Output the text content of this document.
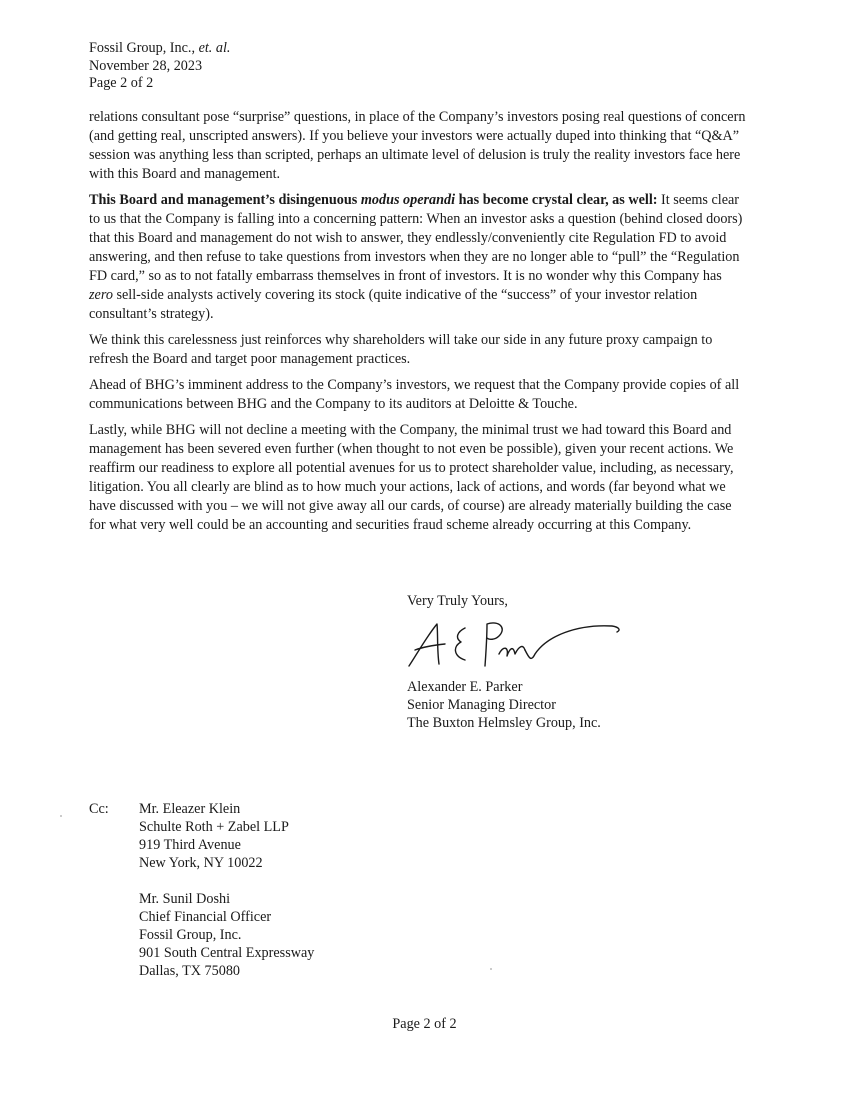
Fossil Group, Inc., et. al.
November 28, 2023
Page 2 of 2

relations consultant pose “surprise” questions, in place of the Company’s investors posing real questions of concern (and getting real, unscripted answers). If you believe your investors were actually duped into thinking that “Q&A” session was anything less than scripted, perhaps an ultimate level of delusion is truly the reality investors face here with this Board and management.

This Board and management’s disingenuous modus operandi has become crystal clear, as well: It seems clear to us that the Company is falling into a concerning pattern: When an investor asks a question (behind closed doors) that this Board and management do not wish to answer, they endlessly/conveniently cite Regulation FD to avoid answering, and then refuse to take questions from investors when they are no longer able to “pull” the “Regulation FD card,” so as to not fatally embarrass themselves in front of investors. It is no wonder why this Company has zero sell-side analysts actively covering its stock (quite indicative of the “success” of your investor relation consultant’s strategy).

We think this carelessness just reinforces why shareholders will take our side in any future proxy campaign to refresh the Board and target poor management practices.

Ahead of BHG’s imminent address to the Company’s investors, we request that the Company provide copies of all communications between BHG and the Company to its auditors at Deloitte & Touche.

Lastly, while BHG will not decline a meeting with the Company, the minimal trust we had toward this Board and management has been severed even further (when thought to not even be possible), given your recent actions. We reaffirm our readiness to explore all potential avenues for us to protect shareholder value, including, as necessary, litigation. You all clearly are blind as to how much your actions, lack of actions, and words (far beyond what we have discussed with you – we will not give away all our cards, of course) are already materially building the case for what very well could be an accounting and securities fraud scheme already occurring at this Company.

Very Truly Yours,
Alexander E. Parker
Senior Managing Director
The Buxton Helmsley Group, Inc.
Cc: Mr. Eleazer Klein
Schulte Roth + Zabel LLP
919 Third Avenue
New York, NY 10022
Mr. Sunil Doshi
Chief Financial Officer
Fossil Group, Inc.
901 South Central Expressway
Dallas, TX 75080
Page 2 of 2
